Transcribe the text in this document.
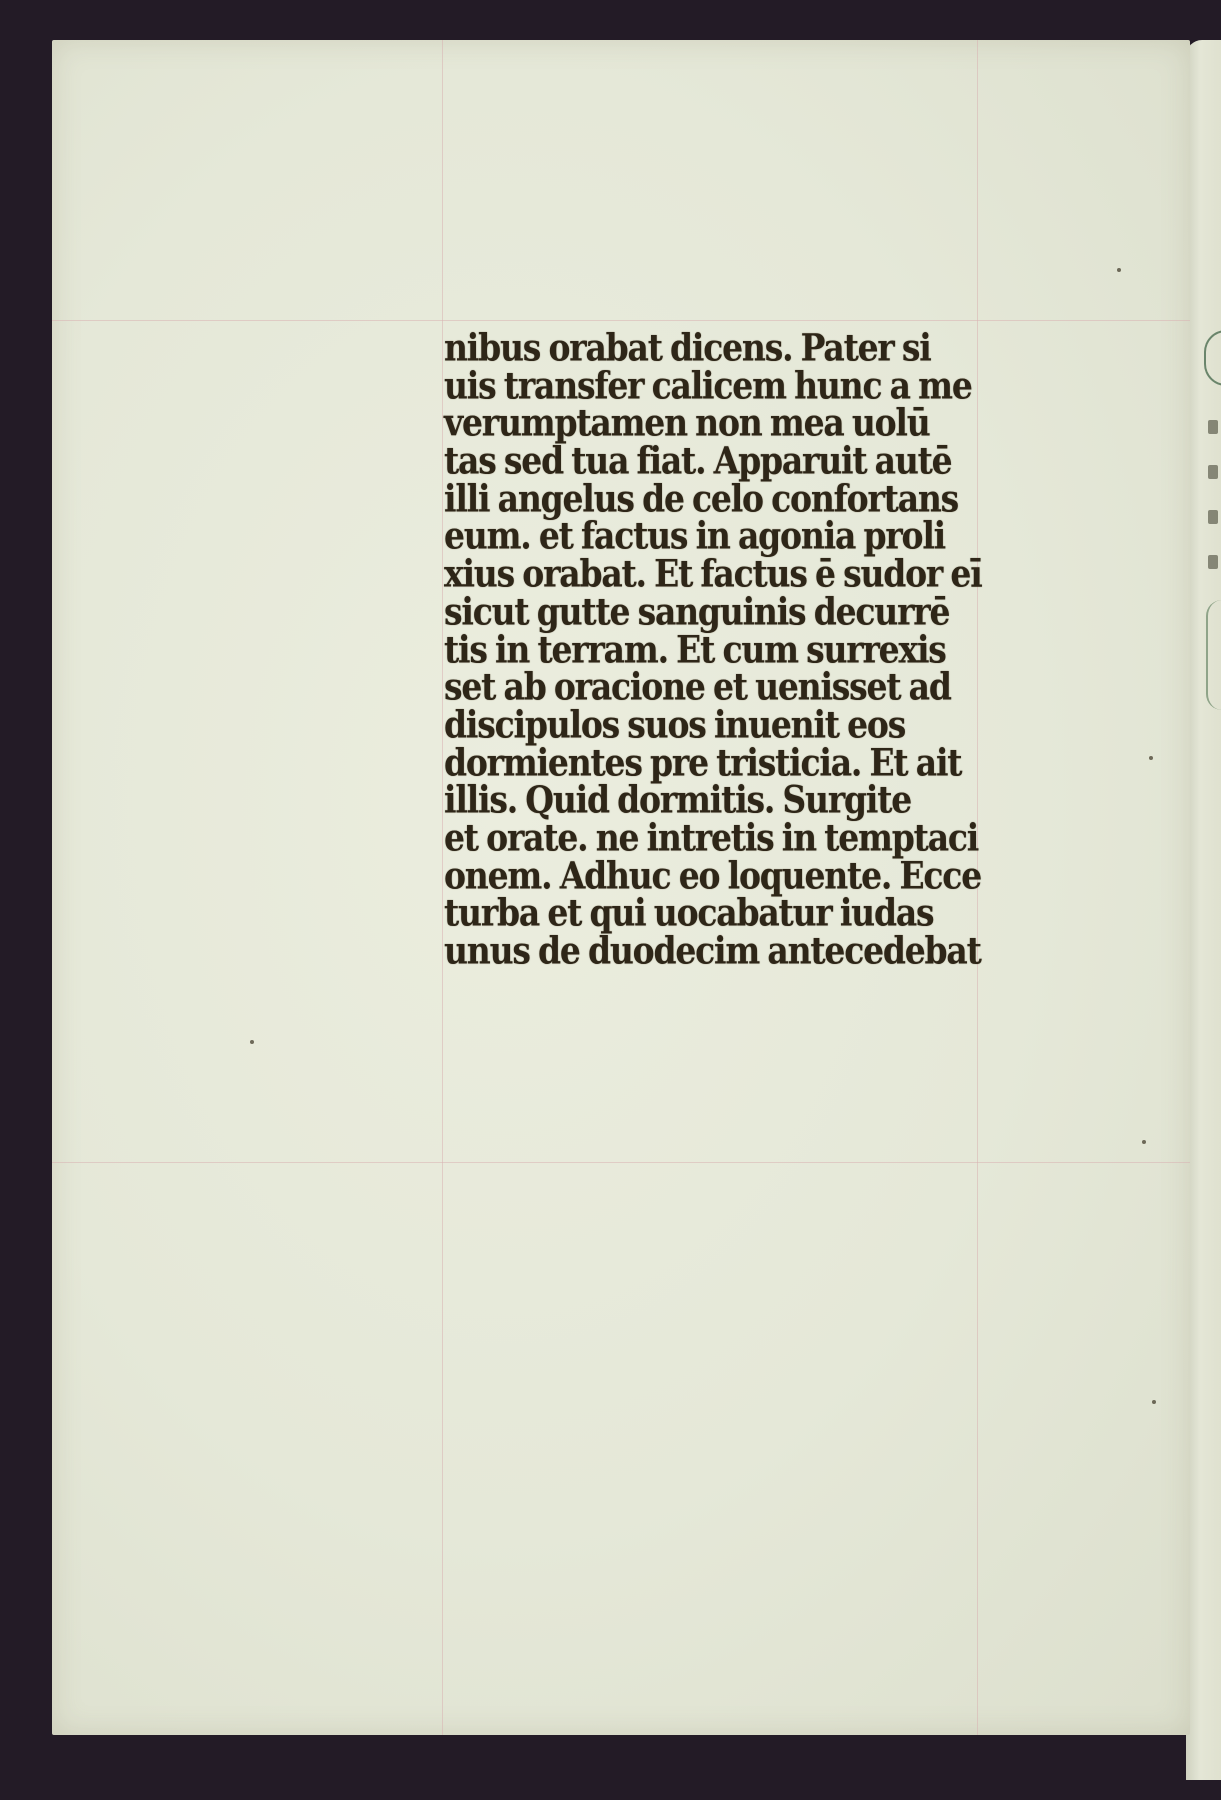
nibus orabat dicens. Pater si
uis transfer calicem hunc a me
verumptamen non mea uolū
tas sed tua fiat. Apparuit autē
illi angelus de celo confortans
eum. et factus in agonia proli
xius orabat. Et factus ē sudor eī
sicut gutte sanguinis decurrē
tis in terram. Et cum surrexis
set ab oracione et uenisset ad
discipulos suos inuenit eos
dormientes pre tristicia. Et ait
illis. Quid dormitis. Surgite
et orate. ne intretis in temptaci
onem. Adhuc eo loquente. Ecce
turba et qui uocabatur iudas
unus de duodecim antecedebat
